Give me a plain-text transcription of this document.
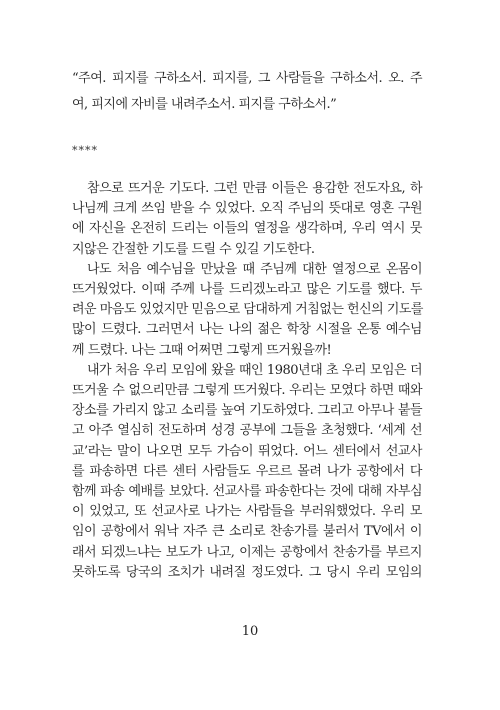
“주여. 피지를 구하소서. 피지를, 그 사람들을 구하소서. 오. 주
여, 피지에 자비를 내려주소서. 피지를 구하소서.”
****
참으로 뜨거운 기도다. 그런 만큼 이들은 용감한 전도자요, 하
나님께 크게 쓰임 받을 수 있었다. 오직 주님의 뜻대로 영혼 구원
에 자신을 온전히 드리는 이들의 열정을 생각하며, 우리 역시 뭇
지않은 간절한 기도를 드릴 수 있길 기도한다.
나도 처음 예수님을 만났을 때 주님께 대한 열정으로 온몸이
뜨거웠었다. 이때 주께 나를 드리겠노라고 많은 기도를 했다. 두
려운 마음도 있었지만 믿음으로 담대하게 거침없는 헌신의 기도를
많이 드렸다. 그러면서 나는 나의 젊은 학창 시절을 온통 예수님
께 드렸다. 나는 그때 어쩌면 그렇게 뜨거웠을까!
내가 처음 우리 모임에 왔을 때인 1980년대 초 우리 모임은 더
뜨거울 수 없으리만큼 그렇게 뜨거웠다. 우리는 모였다 하면 때와
장소를 가리지 않고 소리를 높여 기도하였다. 그리고 아무나 붙들
고 아주 열심히 전도하며 성경 공부에 그들을 초청했다. ‘세계 선
교’라는 말이 나오면 모두 가슴이 뛰었다. 어느 센터에서 선교사
를 파송하면 다른 센터 사람들도 우르르 몰려 나가 공항에서 다
함께 파송 예배를 보았다. 선교사를 파송한다는 것에 대해 자부심
이 있었고, 또 선교사로 나가는 사람들을 부러워했었다. 우리 모
임이 공항에서 워낙 자주 큰 소리로 찬송가를 불러서 TV에서 이
래서 되겠느냐는 보도가 나고, 이제는 공항에서 찬송가를 부르지
못하도록 당국의 조치가 내려질 정도였다. 그 당시 우리 모임의
10
